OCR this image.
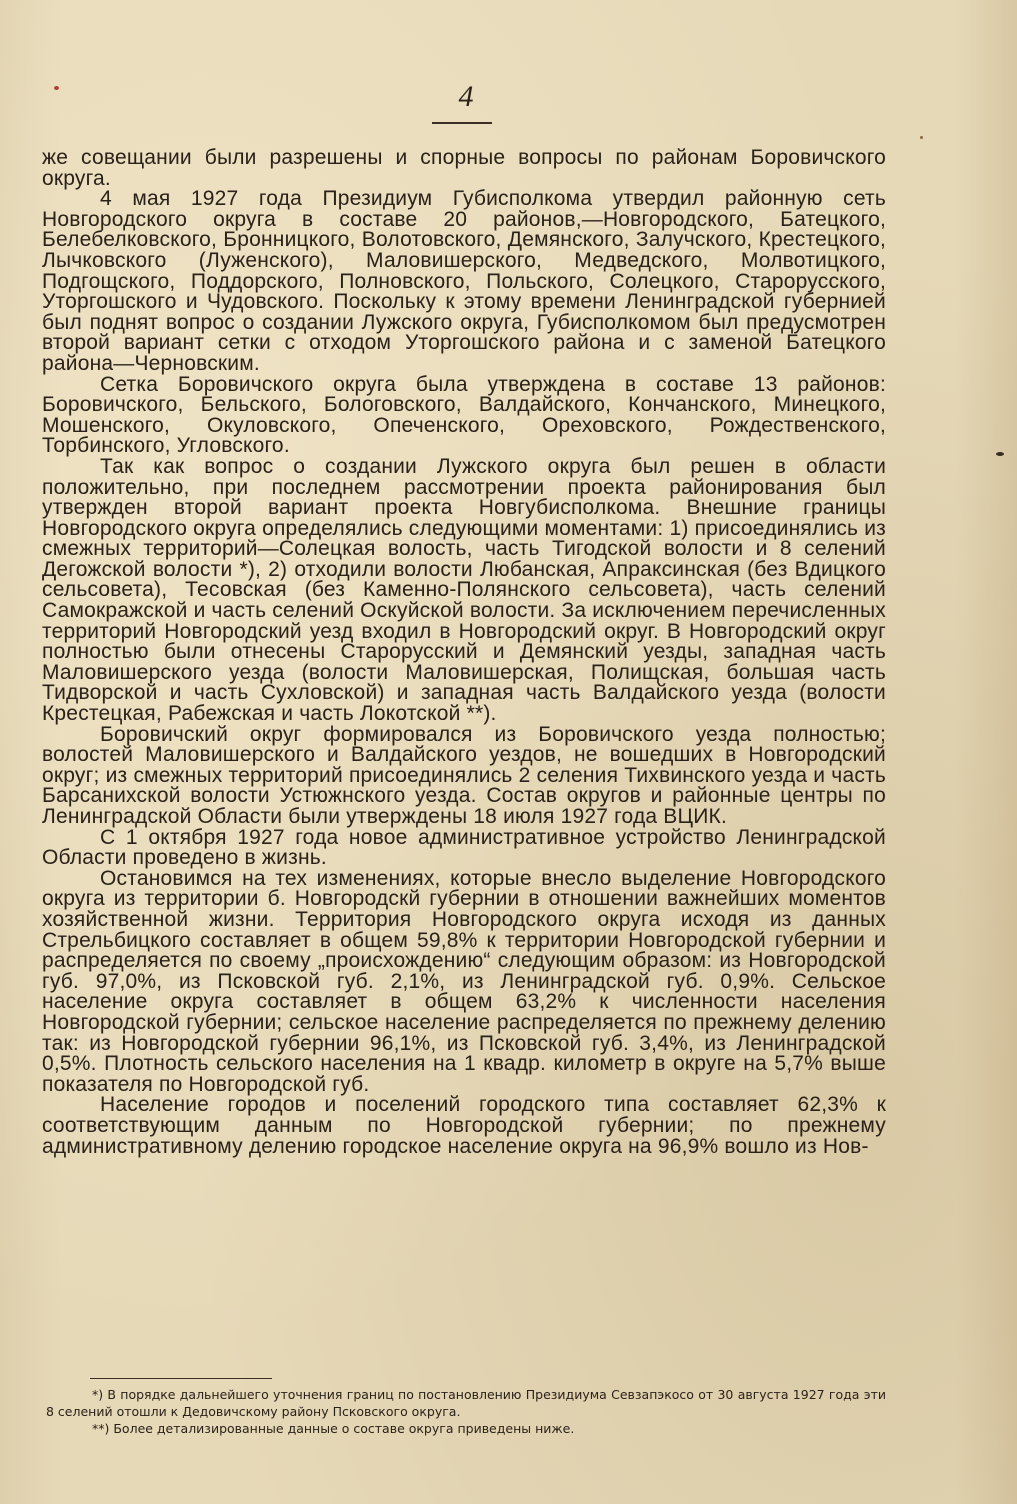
4

же совещании были разрешены и спорные вопросы по районам Боровичского округа.

4 мая 1927 года Президиум Губисполкома утвердил районную сеть Новгородского округа в составе 20 районов,—Новгородского, Батецкого, Белебелковского, Бронницкого, Волотовского, Демянского, Залучского, Крестецкого, Лычковского (Луженского), Маловишерского, Медведского, Молвотицкого, Подгощского, Поддорского, Полновского, Польского, Солецкого, Старорусского, Уторгошского и Чудовского. Поскольку к этому времени Ленинградской губернией был поднят вопрос о создании Лужского округа, Губисполкомом был предусмотрен второй вариант сетки с отходом Уторгошского района и с заменой Батецкого района—Черновским.

Сетка Боровичского округа была утверждена в составе 13 районов: Боровичского, Бельского, Бологовского, Валдайского, Кончанского, Минецкого, Мошенского, Окуловского, Опеченского, Ореховского, Рождественского, Торбинского, Угловского.

Так как вопрос о создании Лужского округа был решен в области положительно, при последнем рассмотрении проекта районирования был утвержден второй вариант проекта Новгубисполкома. Внешние границы Новгородского округа определялись следующими моментами: 1) присоединялись из смежных территорий—Солецкая волость, часть Тигодской волости и 8 селений Дегожской волости *), 2) отходили волости Любанская, Апраксинская (без Вдицкого сельсовета), Тесовская (без Каменно-Полянского сельсовета), часть селений Самокражской и часть селений Оскуйской волости. За исключением перечисленных территорий Новгородский уезд входил в Новгородский округ. В Новгородский округ полностью были отнесены Старорусский и Демянский уезды, западная часть Маловишерского уезда (волости Маловишерская, Полищская, большая часть Тидворской и часть Сухловской) и западная часть Валдайского уезда (волости Крестецкая, Рабежская и часть Локотской **).

Боровичский округ формировался из Боровичского уезда полностью; волостей Маловишерского и Валдайского уездов, не вошедших в Новгородский округ; из смежных территорий присоединялись 2 селения Тихвинского уезда и часть Барсанихской волости Устюжнского уезда. Состав округов и районные центры по Ленинградской Области были утверждены 18 июля 1927 года ВЦИК.

С 1 октября 1927 года новое административное устройство Ленинградской Области проведено в жизнь.

Остановимся на тех изменениях, которые внесло выделение Новгородского округа из территории б. Новгородскй губернии в отношении важнейших моментов хозяйственной жизни. Территория Новгородского округа исходя из данных Стрельбицкого составляет в общем 59,8% к территории Новгородской губернии и распределяется по своему „происхождению“ следующим образом: из Новгородской губ. 97,0%, из Псковской губ. 2,1%, из Ленинградской губ. 0,9%. Сельское население округа составляет в общем 63,2% к численности населения Новгородской губернии; сельское население распределяется по прежнему делению так: из Новгородской губернии 96,1%, из Псковской губ. 3,4%, из Ленинградской 0,5%. Плотность сельского населения на 1 квадр. километр в округе на 5,7% выше показателя по Новгородской губ.

Население городов и поселений городского типа составляет 62,3% к соответствующим данным по Новгородской губернии; по прежнему административному делению городское население округа на 96,9% вошло из Нов-

*) В порядке дальнейшего уточнения границ по постановлению Президиума Севзапэкосо от 30 августа 1927 года эти 8 селений отошли к Дедовичскому району Псковского округа.

**) Более детализированные данные о составе округа приведены ниже.
